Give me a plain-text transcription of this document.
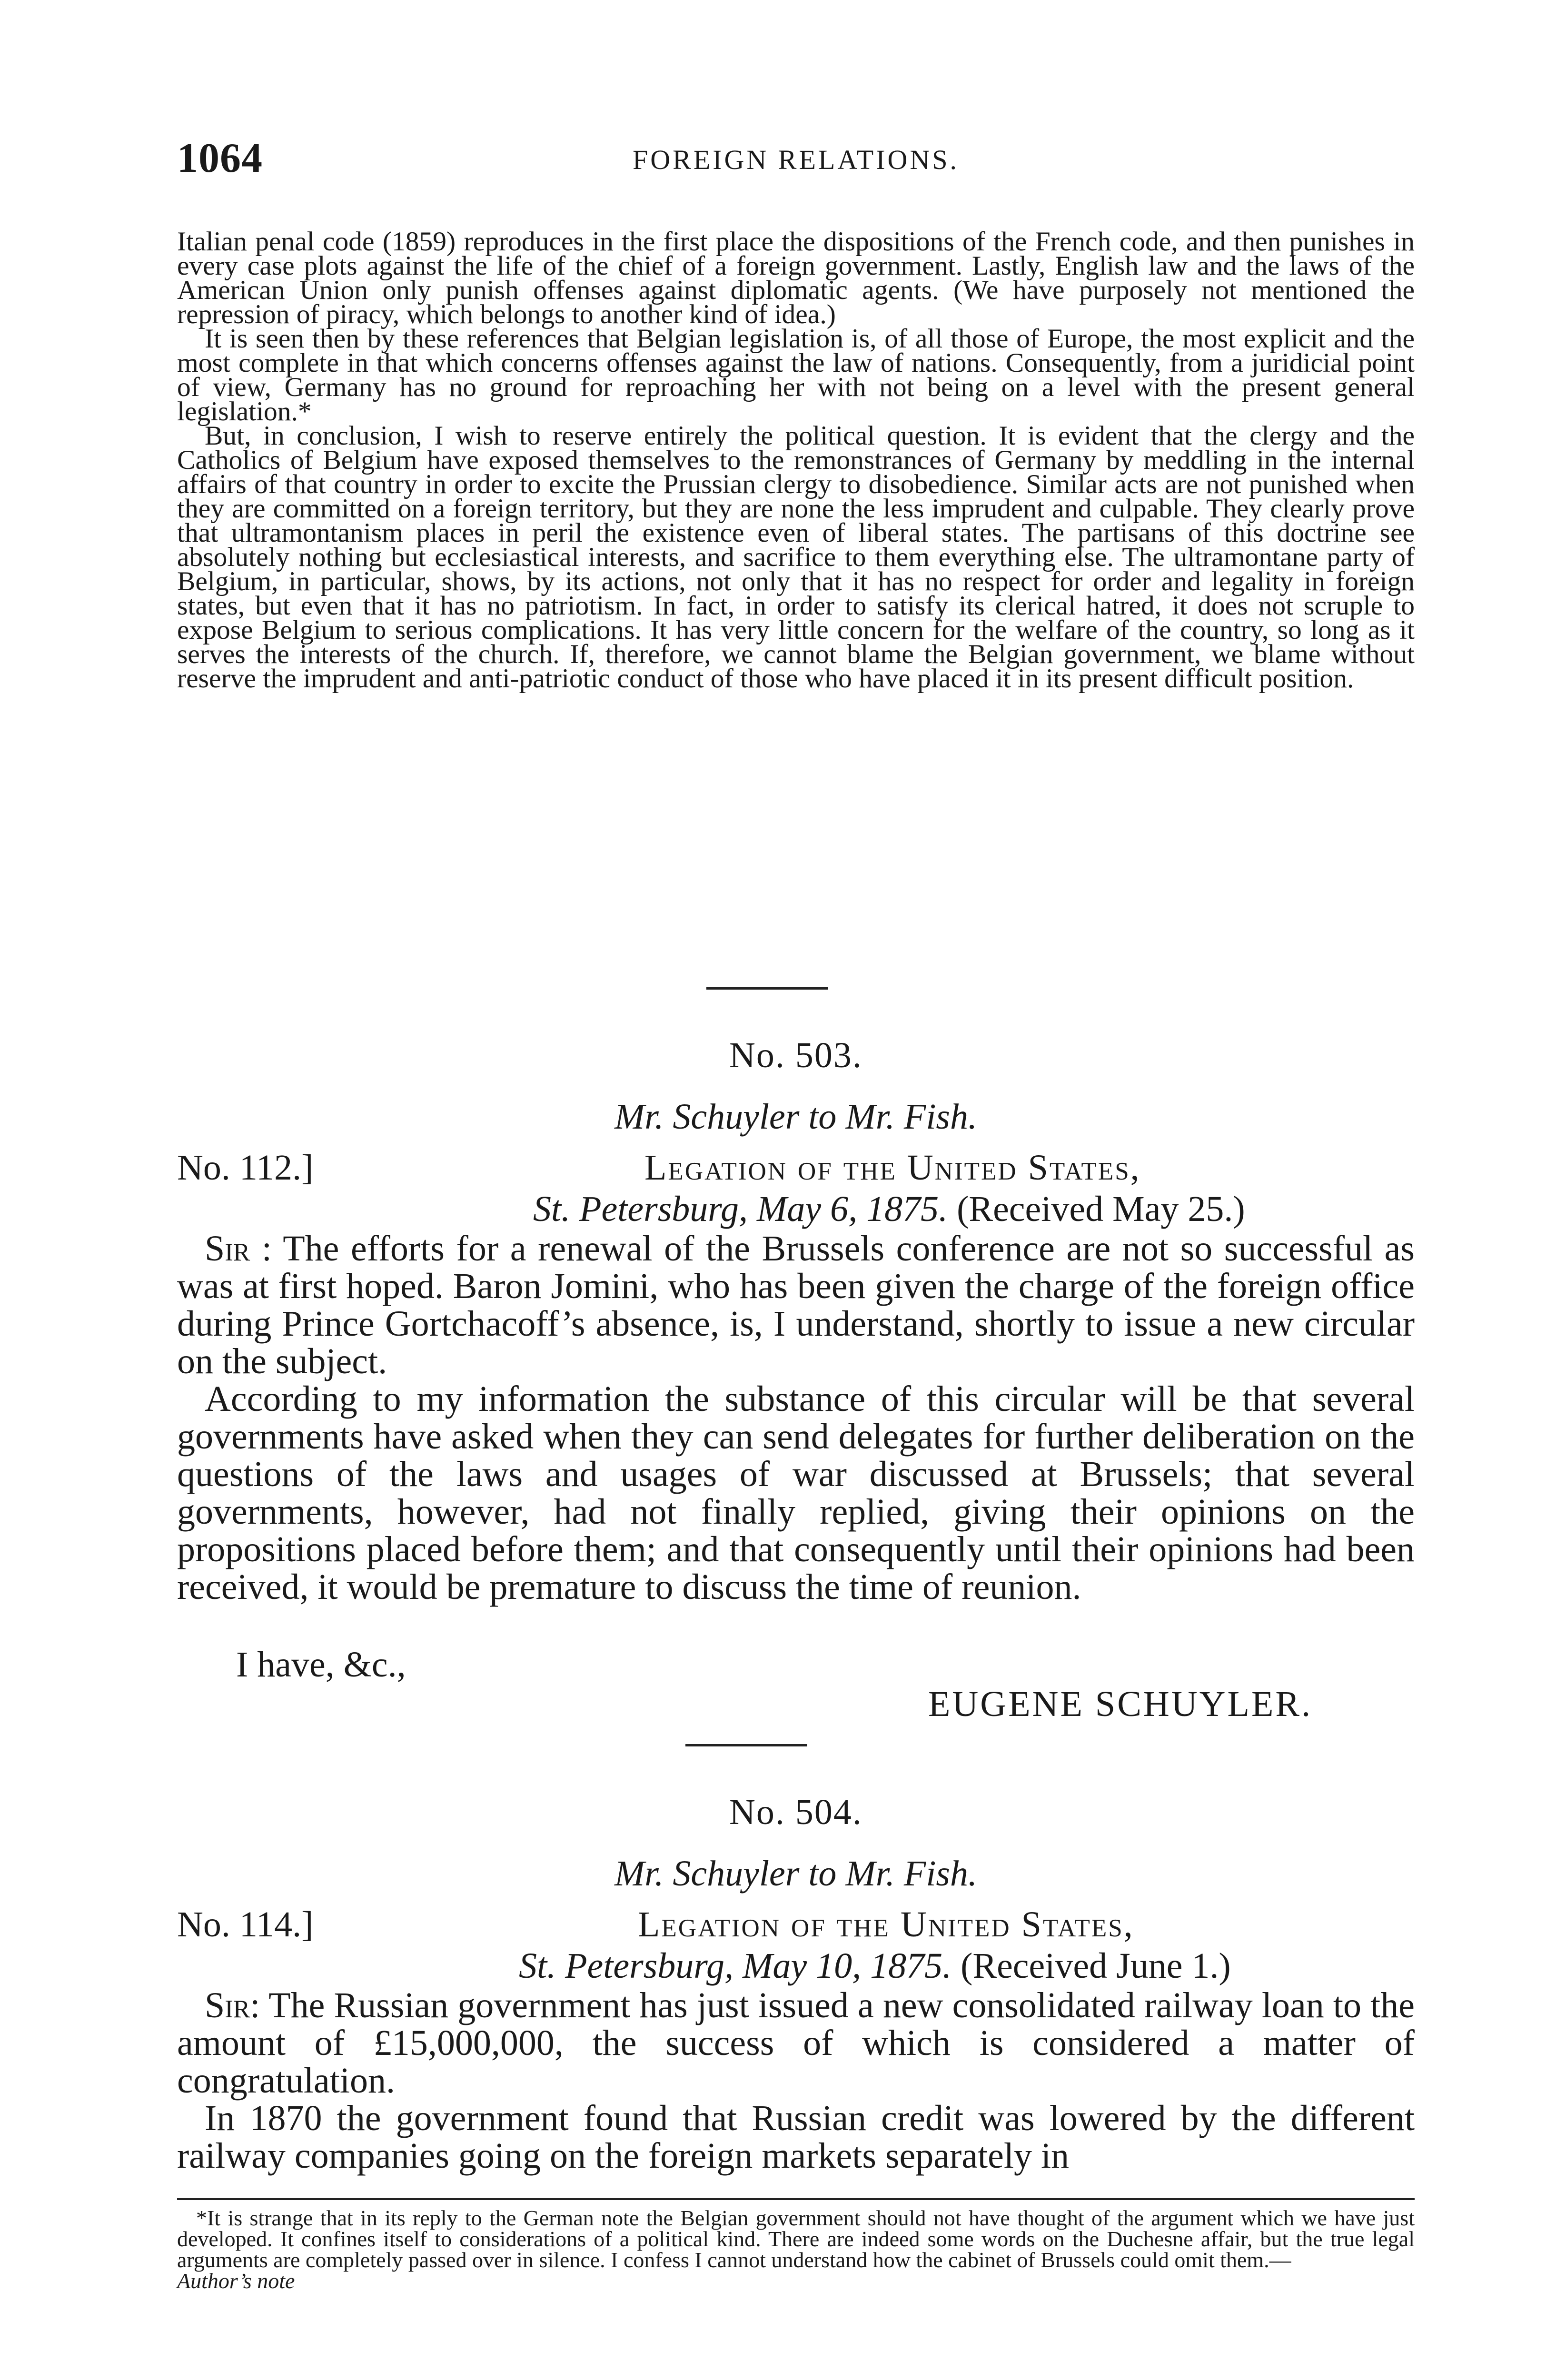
1064	FOREIGN RELATIONS.

Italian penal code (1859) reproduces in the first place the dispositions of the French code, and then punishes in every case plots against the life of the chief of a foreign government. Lastly, English law and the laws of the American Union only punish offenses against diplomatic agents. (We have purposely not mentioned the repression of piracy, which belongs to another kind of idea.)

It is seen then by these references that Belgian legislation is, of all those of Europe, the most explicit and the most complete in that which concerns offenses against the law of nations. Consequently, from a juridicial point of view, Germany has no ground for reproaching her with not being on a level with the present general legislation.*

But, in conclusion, I wish to reserve entirely the political question. It is evident that the clergy and the Catholics of Belgium have exposed themselves to the remonstrances of Germany by meddling in the internal affairs of that country in order to excite the Prussian clergy to disobedience. Similar acts are not punished when they are committed on a foreign territory, but they are none the less imprudent and culpable. They clearly prove that ultramontanism places in peril the existence even of liberal states. The partisans of this doctrine see absolutely nothing but ecclesiastical interests, and sacrifice to them everything else. The ultramontane party of Belgium, in particular, shows, by its actions, not only that it has no respect for order and legality in foreign states, but even that it has no patriotism. In fact, in order to satisfy its clerical hatred, it does not scruple to expose Belgium to serious complications. It has very little concern for the welfare of the country, so long as it serves the interests of the church. If, therefore, we cannot blame the Belgian government, we blame without reserve the imprudent and anti-patriotic conduct of those who have placed it in its present difficult position.

No. 503.
Mr. Schuyler to Mr. Fish.
No. 112.]	Legation of the United States,
St. Petersburg, May 6, 1875. (Received May 25.)

Sir : The efforts for a renewal of the Brussels conference are not so successful as was at first hoped. Baron Jomini, who has been given the charge of the foreign office during Prince Gortchacoff’s absence, is, I understand, shortly to issue a new circular on the subject.

According to my information the substance of this circular will be that several governments have asked when they can send delegates for further deliberation on the questions of the laws and usages of war discussed at Brussels; that several governments, however, had not finally replied, giving their opinions on the propositions placed before them; and that consequently until their opinions had been received, it would be premature to discuss the time of reunion.

I have, &c.,
EUGENE SCHUYLER.
No. 504.
Mr. Schuyler to Mr. Fish.
No. 114.]	Legation of the United States,
St. Petersburg, May 10, 1875. (Received June 1.)

Sir: The Russian government has just issued a new consolidated railway loan to the amount of £15,000,000, the success of which is considered a matter of congratulation.

In 1870 the government found that Russian credit was lowered by the different railway companies going on the foreign markets separately in

*It is strange that in its reply to the German note the Belgian government should not have thought of the argument which we have just developed. It confines itself to considerations of a political kind. There are indeed some words on the Duchesne affair, but the true legal arguments are completely passed over in silence. I confess I cannot understand how the cabinet of Brussels could omit them.—
Author’s note
